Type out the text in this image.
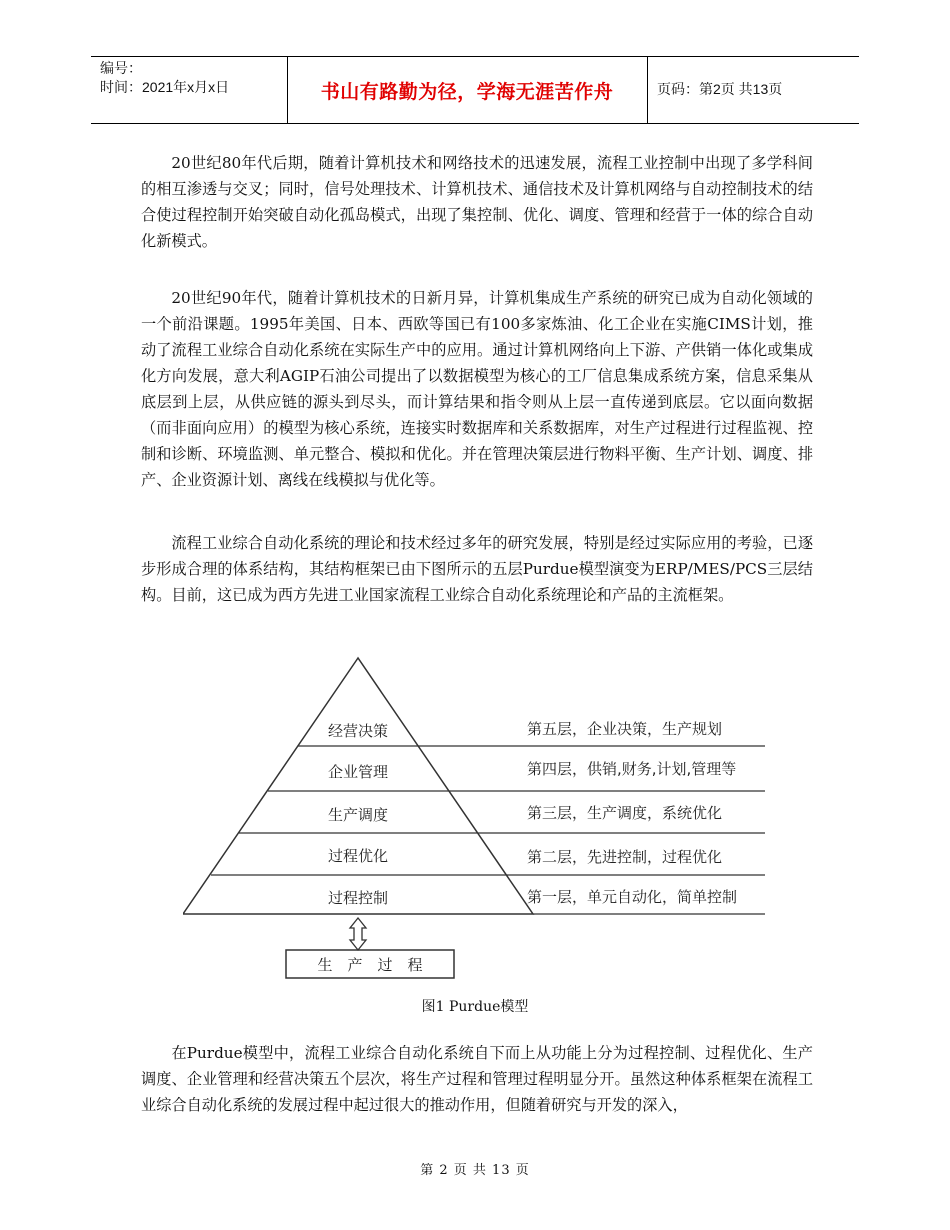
编号：
时间：2021年x月x日	书山有路勤为径，学海无涯苦作舟	页码：第2页 共13页

20世纪80年代后期，随着计算机技术和网络技术的迅速发展，流程工业控制中出现了多学科间的相互渗透与交叉；同时，信号处理技术、计算机技术、通信技术及计算机网络与自动控制技术的结合使过程控制开始突破自动化孤岛模式，出现了集控制、优化、调度、管理和经营于一体的综合自动化新模式。

20世纪90年代，随着计算机技术的日新月异，计算机集成生产系统的研究已成为自动化领域的一个前沿课题。1995年美国、日本、西欧等国已有100多家炼油、化工企业在实施CIMS计划，推动了流程工业综合自动化系统在实际生产中的应用。通过计算机网络向上下游、产供销一体化或集成化方向发展，意大利AGIP石油公司提出了以数据模型为核心的工厂信息集成系统方案，信息采集从底层到上层，从供应链的源头到尽头，而计算结果和指令则从上层一直传递到底层。它以面向数据（而非面向应用）的模型为核心系统，连接实时数据库和关系数据库，对生产过程进行过程监视、控制和诊断、环境监测、单元整合、模拟和优化。并在管理决策层进行物料平衡、生产计划、调度、排产、企业资源计划、离线在线模拟与优化等。

流程工业综合自动化系统的理论和技术经过多年的研究发展，特别是经过实际应用的考验，已逐步形成合理的体系结构，其结构框架已由下图所示的五层Purdue模型演变为ERP/MES/PCS三层结构。目前，这已成为西方先进工业国家流程工业综合自动化系统理论和产品的主流框架。

经营决策
企业管理
生产调度
过程优化
过程控制
第五层，企业决策，生产规划
第四层，供销,财务,计划,管理等
第三层，生产调度，系统优化
第二层，先进控制，过程优化
第一层，单元自动化，简单控制
生　产　过　程
图1 Purdue模型

在Purdue模型中，流程工业综合自动化系统自下而上从功能上分为过程控制、过程优化、生产调度、企业管理和经营决策五个层次，将生产过程和管理过程明显分开。虽然这种体系框架在流程工业综合自动化系统的发展过程中起过很大的推动作用，但随着研究与开发的深入，

第 2 页 共 13 页
